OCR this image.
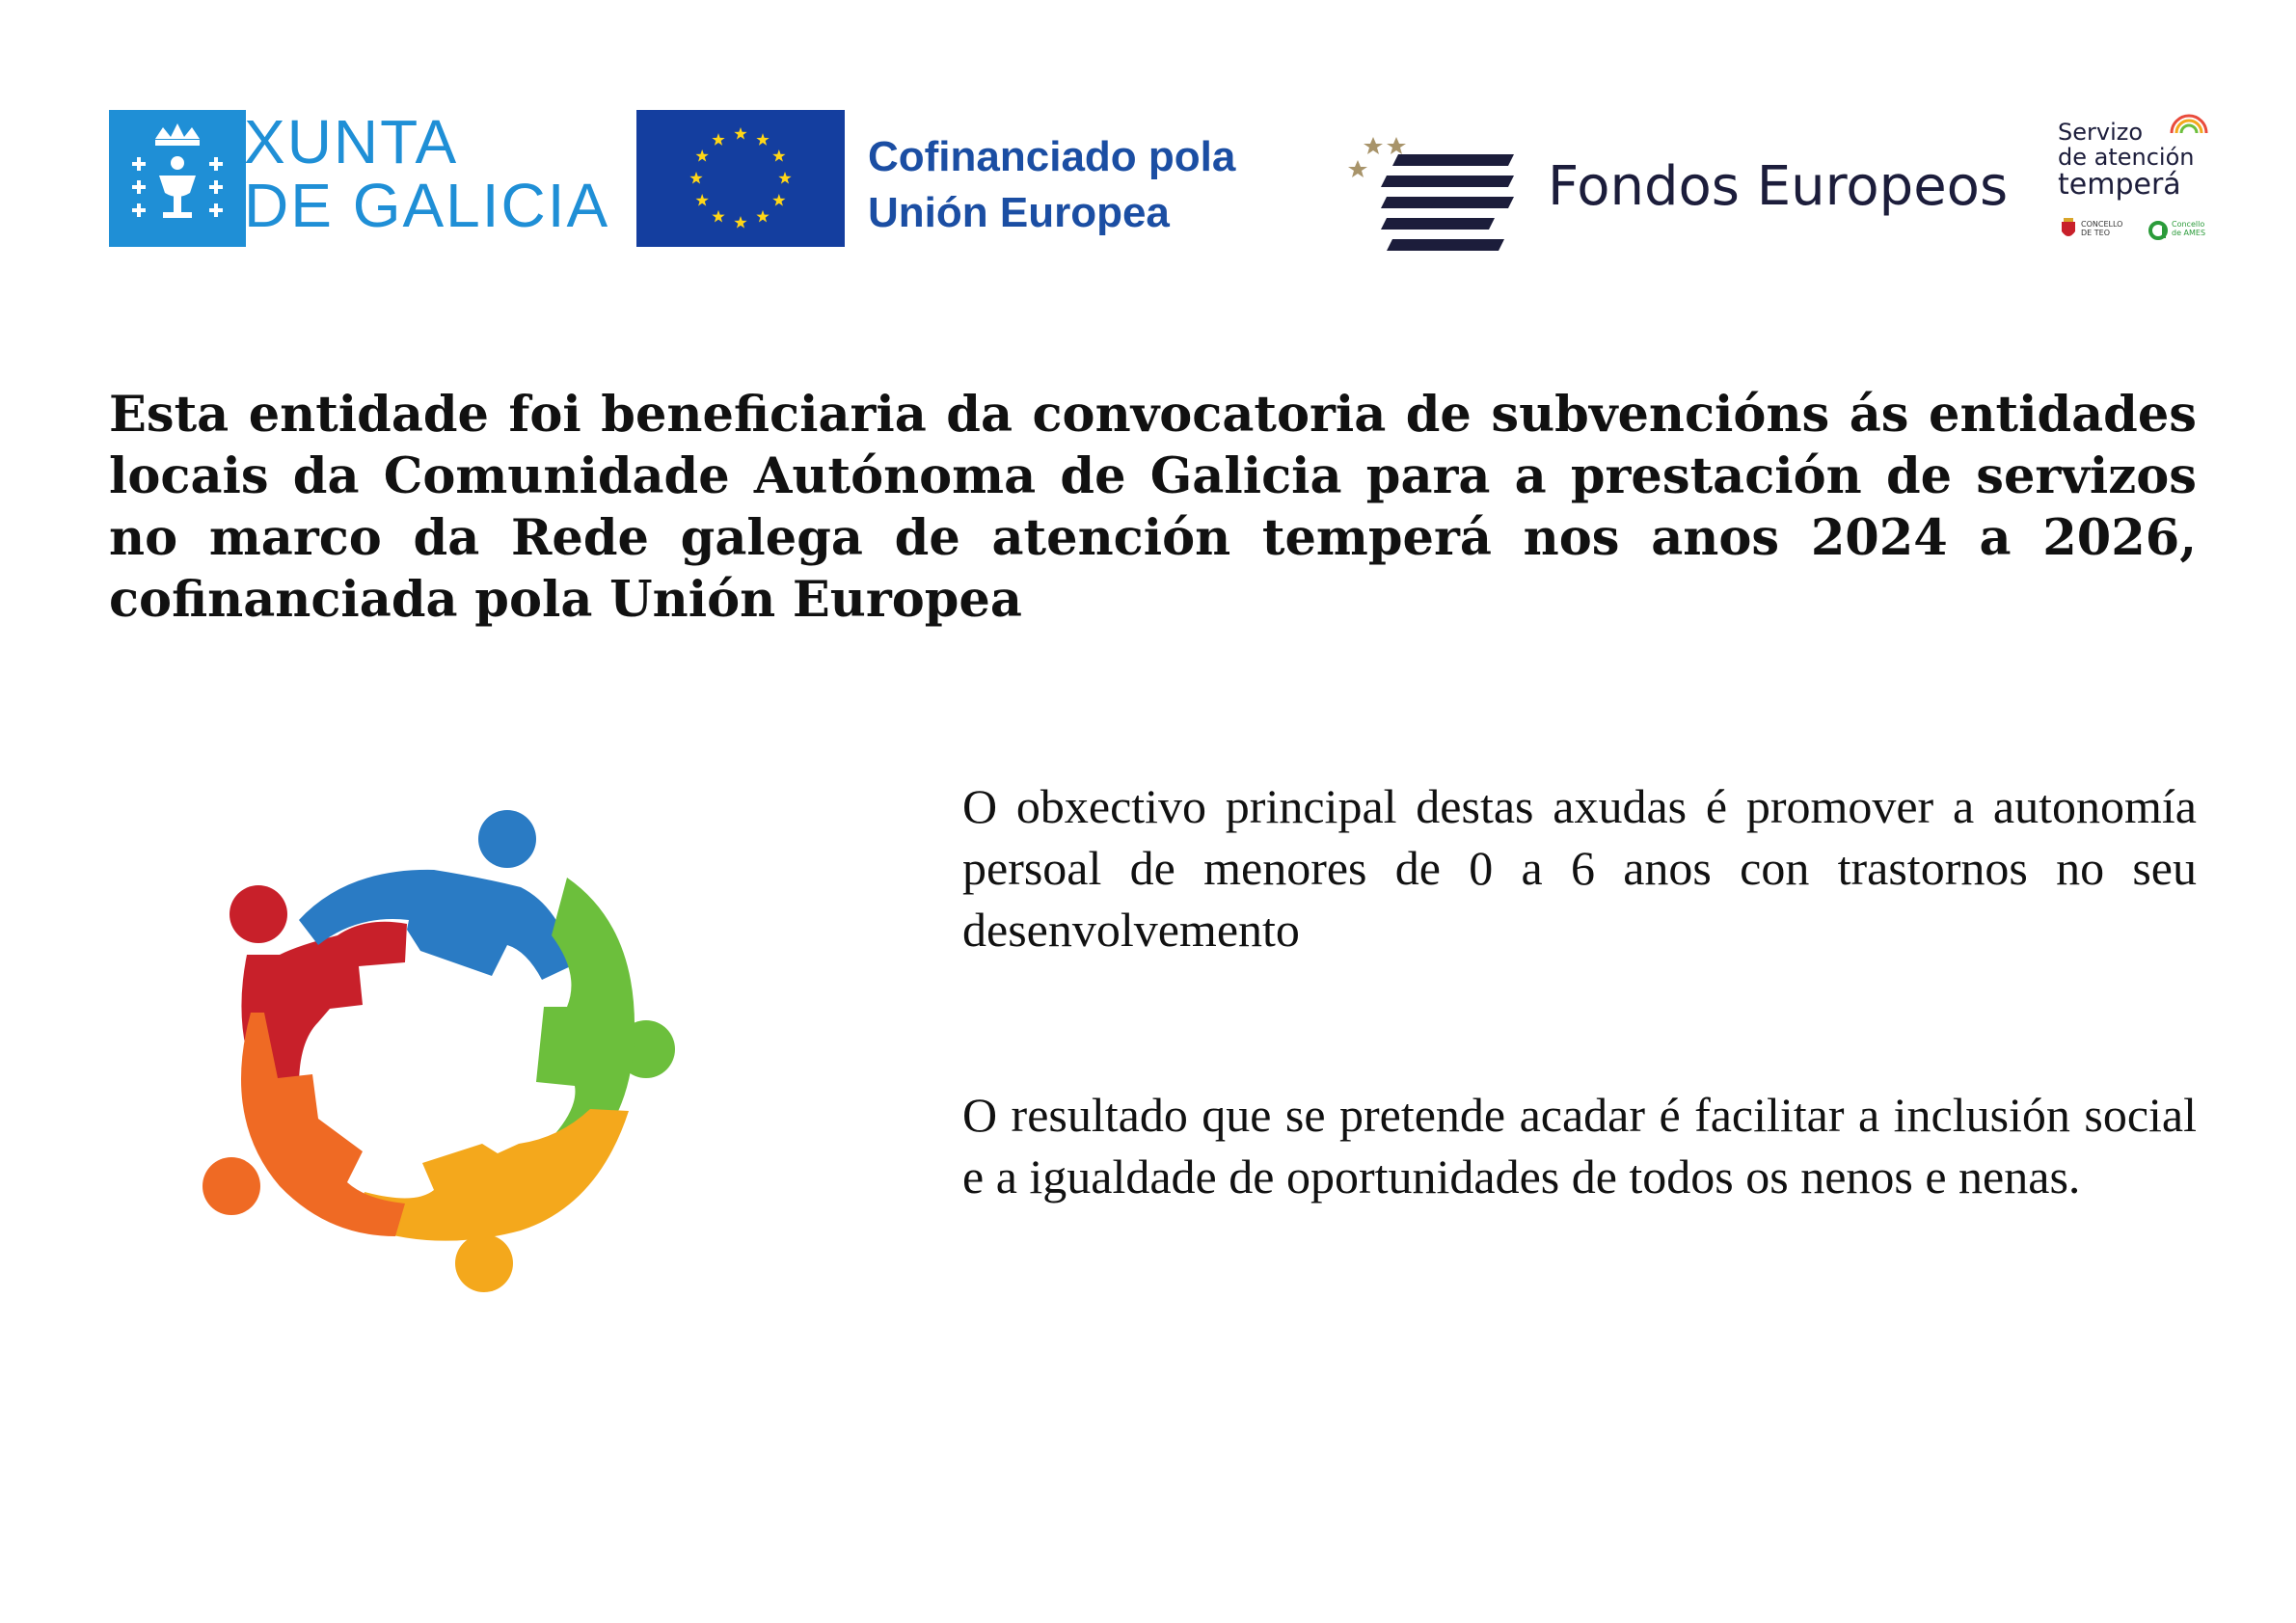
XUNTA
DE GALICIA
Cofinanciado pola
Unión Europea	Fondos Europeos
Servizo
de atención
temperá
CONCELLO
DE TEO
Concello
de AMES

Esta entidade foi beneficiaria da convocatoria de subvencións ás entidades locais da Comunidade Autónoma de Galicia para a prestación de servizos no marco da Rede galega de atención temperá nos anos 2024 a 2026, cofinanciada pola Unión Europea

O obxectivo principal destas axudas é promover a autonomía persoal de menores de 0 a 6 anos con trastornos no seu desenvolvemento

O resultado que se pretende acadar é facilitar a inclusión social e a igualdade de oportunidades de todos os nenos e nenas.
